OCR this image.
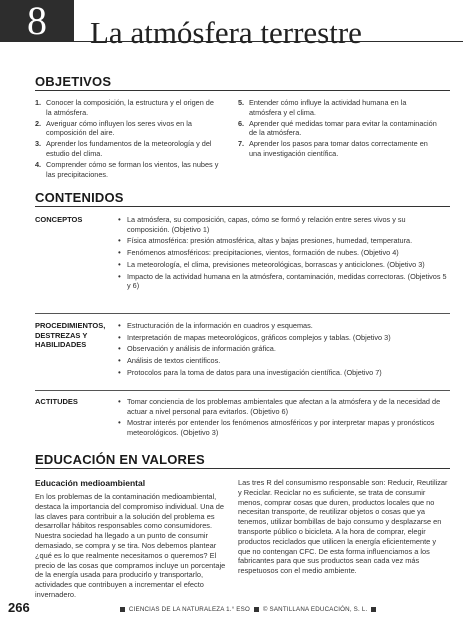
8	La atmósfera terrestre
OBJETIVOS
1. Conocer la composición, la estructura y el origen de la atmósfera.
2. Averiguar cómo influyen los seres vivos en la composición del aire.
3. Aprender los fundamentos de la meteorología y del estudio del clima.
4. Comprender cómo se forman los vientos, las nubes y las precipitaciones.
5. Entender cómo influye la actividad humana en la atmósfera y el clima.
6. Aprender qué medidas tomar para evitar la contaminación de la atmósfera.
7. Aprender los pasos para tomar datos correctamente en una investigación científica.
CONTENIDOS
CONCEPTOS	• La atmósfera, su composición, capas, cómo se formó y relación entre seres vivos y su composición. (Objetivo 1)
• Física atmosférica: presión atmosférica, altas y bajas presiones, humedad, temperatura.
• Fenómenos atmosféricos: precipitaciones, vientos, formación de nubes. (Objetivo 4)
• La meteorología, el clima, previsiones meteorológicas, borrascas y anticiclones. (Objetivo 3)
• Impacto de la actividad humana en la atmósfera, contaminación, medidas correctoras. (Objetivos 5 y 6)
PROCEDIMIENTOS, DESTREZAS Y HABILIDADES
• Estructuración de la información en cuadros y esquemas.
• Interpretación de mapas meteorológicos, gráficos complejos y tablas. (Objetivo 3)
• Observación y análisis de información gráfica.
• Análisis de textos científicos.
• Protocolos para la toma de datos para una investigación científica. (Objetivo 7)
ACTITUDES	• Tomar conciencia de los problemas ambientales que afectan a la atmósfera y de la necesidad de actuar a nivel personal para evitarlos. (Objetivo 6)
• Mostrar interés por entender los fenómenos atmosféricos y por interpretar mapas y pronósticos meteorológicos. (Objetivo 3)
EDUCACIÓN EN VALORES
Educación medioambiental
En los problemas de la contaminación medioambiental, destaca la importancia del compromiso individual. Una de las claves para contribuir a la solución del problema es desarrollar hábitos responsables como consumidores. Nuestra sociedad ha llegado a un punto de consumir demasiado, se compra y se tira. Nos debemos plantear ¿qué es lo que realmente necesitamos o queremos? El precio de las cosas que compramos incluye un porcentaje de la energía usada para producirlo y transportarlo, actividades que contribuyen a incrementar el efecto invernadero.
Las tres R del consumismo responsable son: Reducir, Reutilizar y Reciclar. Reciclar no es suficiente, se trata de consumir menos, comprar cosas que duren, productos locales que no necesitan transporte, de reutilizar objetos o cosas que ya tenemos, utilizar bombillas de bajo consumo y desplazarse en transporte público o bicicleta. A la hora de comprar, elegir productos reciclados que utilicen la energía eficientemente y que no contengan CFC. De esta forma influenciamos a los fabricantes para que sus productos sean cada vez más respetuosos con el medio ambiente.
266	CIENCIAS DE LA NATURALEZA 1.° ESO © SANTILLANA EDUCACIÓN, S. L.
